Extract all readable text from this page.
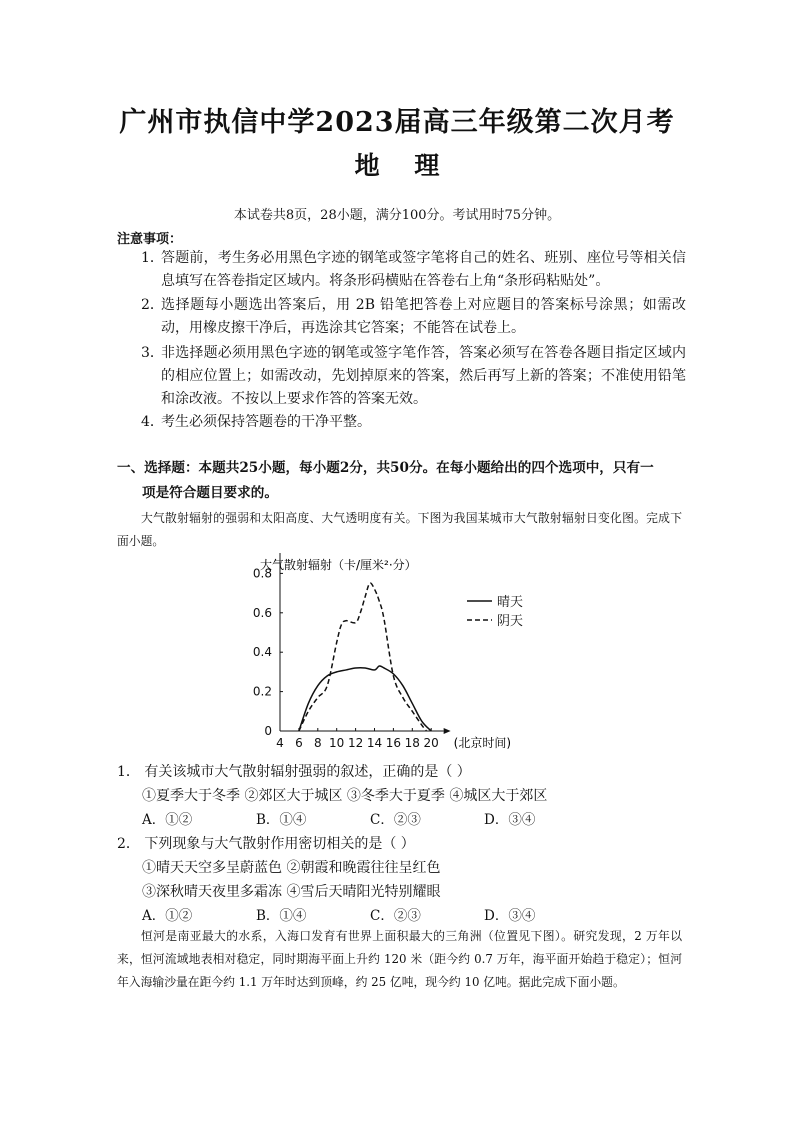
广州市执信中学2023届高三年级第二次月考
地 理
本试卷共8页，28小题，满分100分。考试用时75分钟。
注意事项：
1．
答题前，考生务必用黑色字迹的钢笔或签字笔将自己的姓名、班别、座位号等相关信息填写在答卷指定区域内。将条形码横贴在答卷右上角“条形码粘贴处”。
2．
选择题每小题选出答案后，用 2B 铅笔把答卷上对应题目的答案标号涂黑；如需改动，用橡皮擦干净后，再选涂其它答案；不能答在试卷上。
3．
非选择题必须用黑色字迹的钢笔或签字笔作答，答案必须写在答卷各题目指定区域内的相应位置上；如需改动，先划掉原来的答案，然后再写上新的答案；不准使用铅笔和涂改液。不按以上要求作答的答案无效。
4．
考生必须保持答题卷的干净平整。
一、选择题：本题共25小题，每小题2分，共50分。在每小题给出的四个选项中，只有一
项是符合题目要求的。
大气散射辐射的强弱和太阳高度、大气透明度有关。下图为我国某城市大气散射辐射日变化图。完成下面小题。
大气散射辐射（卡/厘米²·分）
4 6 8 10 12 14 16 18 20
0
0.2
0.4
0.6
0.8
晴天
阴天
(北京时间)
1． 有关该城市大气散射辐射强弱的叙述，正确的是（ ）
①夏季大于冬季 ②郊区大于城区 ③冬季大于夏季 ④城区大于郊区
A．①②	B．①④	C．②③	D．③④
2． 下列现象与大气散射作用密切相关的是（ ）
①晴天天空多呈蔚蓝色 ②朝霞和晚霞往往呈红色
③深秋晴天夜里多霜冻 ④雪后天晴阳光特别耀眼
A．①②	B．①④	C．②③	D．③④
恒河是南亚最大的水系，入海口发育有世界上面积最大的三角洲（位置见下图）。研究发现，2 万年以来，恒河流域地表相对稳定，同时期海平面上升约 120 米（距今约 0.7 万年，海平面开始趋于稳定）；恒河年入海输沙量在距今约 1.1 万年时达到顶峰，约 25 亿吨，现今约 10 亿吨。据此完成下面小题。
